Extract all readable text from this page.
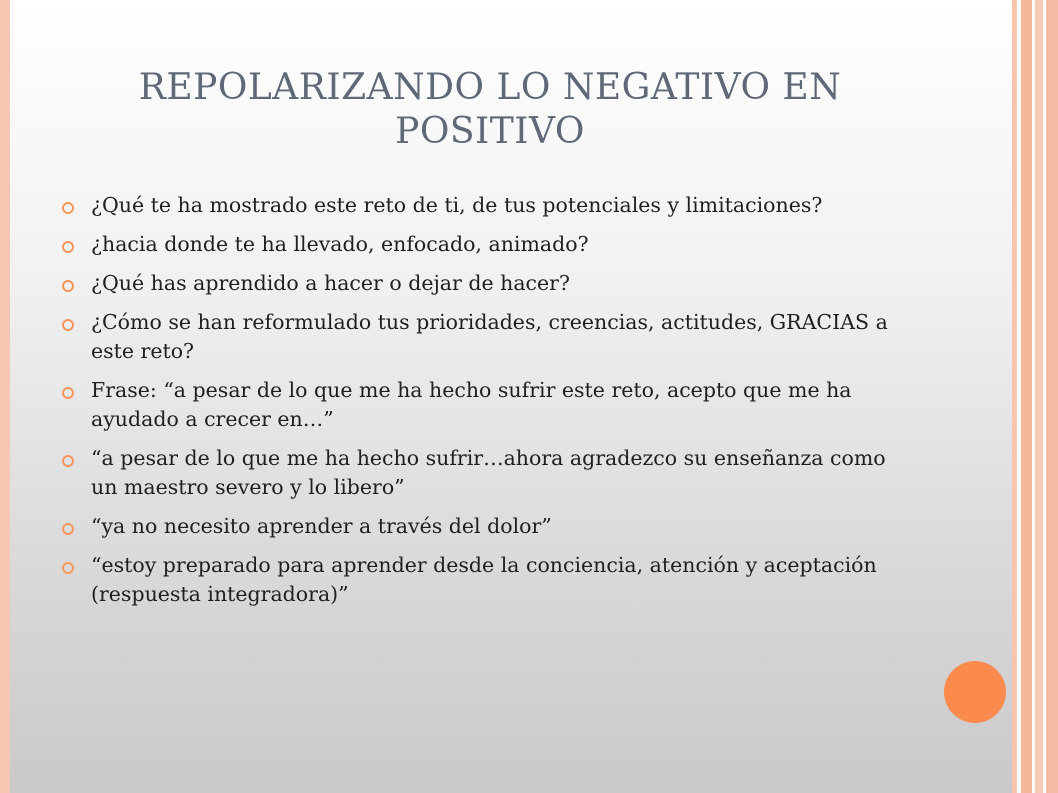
REPOLARIZANDO LO NEGATIVO EN POSITIVO
¿Qué te ha mostrado este reto de ti, de tus potenciales y limitaciones?
¿hacia donde te ha llevado, enfocado, animado?
¿Qué has aprendido a hacer o dejar de hacer?
¿Cómo se han reformulado tus prioridades, creencias, actitudes, GRACIAS a este reto?
Frase: “a pesar de lo que me ha hecho sufrir este reto, acepto que me ha ayudado a crecer en…”
“a pesar de lo que me ha hecho sufrir…ahora agradezco su enseñanza como un maestro severo y lo libero”
“ya no necesito aprender a través del dolor”
“estoy preparado para aprender desde la conciencia, atención y aceptación (respuesta integradora)”
